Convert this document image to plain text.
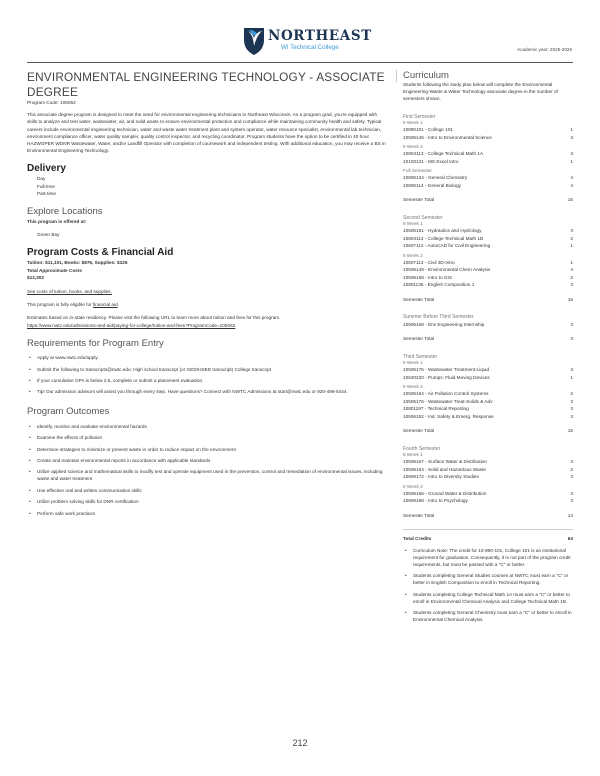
NORTHEAST
WI Technical College	Academic year: 2025-2026
ENVIRONMENTAL ENGINEERING TECHNOLOGY - ASSOCIATE DEGREE
Program Code: 105062

This associate degree program is designed to meet the need for environmental engineering technicians in Northeast Wisconsin. As a program grad, you're equipped with skills to analyze and test water, wastewater, air, and solid waste to ensure environmental protection and compliance while maintaining community health and safety. Typical careers include environmental engineering technician, water and waste water treatment plant and system operator, water resource specialist, environmental lab technician, environment compliance officer, water quality sampler, quality control inspector, and recycling coordinator. Program students have the option to be certified in 40 hour HAZWOPER WDNR Wastewater, Water, and/or Landfill Operator with completion of coursework and independent testing. With additional education, you may receive a BS in Environmental Engineering Technology.

Delivery
Day
Full-time
Part-time
Explore Locations
This program is offered at:
Green Bay
Program Costs & Financial Aid
Tuition: $11,101, Books: $876, Supplies: $325
Total Approximate Costs
$12,302

See costs of tuition, books, and supplies.

This program is fully eligible for financial aid.

Estimates based on in-state residency. Please visit the following URL to learn more about tuition and fees for this program.

https://www.nwtc.edu/admissions-and-aid/paying-for-college/tuition-and-fees?ProgramCode=105062
Requirements for Program Entry
• Apply at www.nwtc.edu/apply.
• Submit the following to transcripts@nwtc.edu: High school transcript (or GED/HSED transcript) College transcript
• If your cumulative GPA is below 2.6, complete or submit a placement evaluation.
• Tip! Our admission advisors will assist you through every step. Have questions? Connect with NWTC Admissions at start@nwtc.edu or 920-498-5444.
Program Outcomes
• Identify, monitor and evaluate environmental hazards
• Examine the effects of pollution
• Determine strategies to minimize or prevent waste in order to reduce impact on the environment
• Create and maintain environmental reports in accordance with applicable standards
• Utilize applied science and mathematical skills to modify test and operate equipment used in the prevention, control and remediation of environmental issues, including waste and water treatment
• Use effective oral and written communication skills
• Utilize problem solving skills for DNR certification
• Perform safe work practices
Curriculum
Students following the study plan below will complete the Environmental Engineering-Waste & Water Technology associate degree in the number of semesters shown.
First Semester
8 Week 1
10890101 - College 101	1
10506146 - Intro to Environmental Science	3
8 Week 2
10804113 - College Technical Math 1A	3
10103131 - MS Excel Intro	1
Full Semester
10806134 - General Chemistry	4
10806114 - General Biology	4
Semester Total	16
Second Semester
8 Week 1
10506161 - Hydraulics and Hydrology	3
10804114 - College Technical Math 1B	2
10607112 - AutoCAD for Civil Engineering	1
8 Week 2
10607114 - Civil 3D-Intro	1
10506148 - Environmental Chem Analysis	4
10506168 - Intro to GIS	2
10801136 - English Composition 1	3
Semester Total	16
Summer Before Third Semester
10506169 - Env Engineering Internship	3
Semester Total	3
Third Semester
8 Week 1
10506175 - Wastewater Treatment-Liquid	3
10620220 - Pumps: Fluid Moving Devices	1
8 Week 2
10506164 - Air Pollution Control Systems	2
10506176 - Wastewater Treat-Solids & Adv	3
10801197 - Technical Reporting	3
10506152 - Ind. Safety & Emerg. Response	3
Semester Total	15
Fourth Semester
8 Week 1
10506167 - Surface Water & Distribution	3
10506163 - Solid and Hazardous Waste	2
10809172 - Intro to Diversity Studies	3
8 Week 2
10506166 - Ground Water & Distribution	3
10809198 - Intro to Psychology	3
Semester Total	14
Total Credits	64
• Curriculum Note: The credit for 10-890-101, College 101 is an institutional requirement for graduation. Consequently, it is not part of the program credit requirements, but must be passed with a "C" or better.
• Students completing General Studies courses at NWTC must earn a "C" or better in English Composition to enroll in Technical Reporting.
• Students completing College Technical Math 1A must earn a "C" or better to enroll in Environmental Chemical Analysis and College Technical Math 1B.
• Students completing General Chemistry must earn a "C" or better to enroll in Environmental Chemical Analysis.
212
